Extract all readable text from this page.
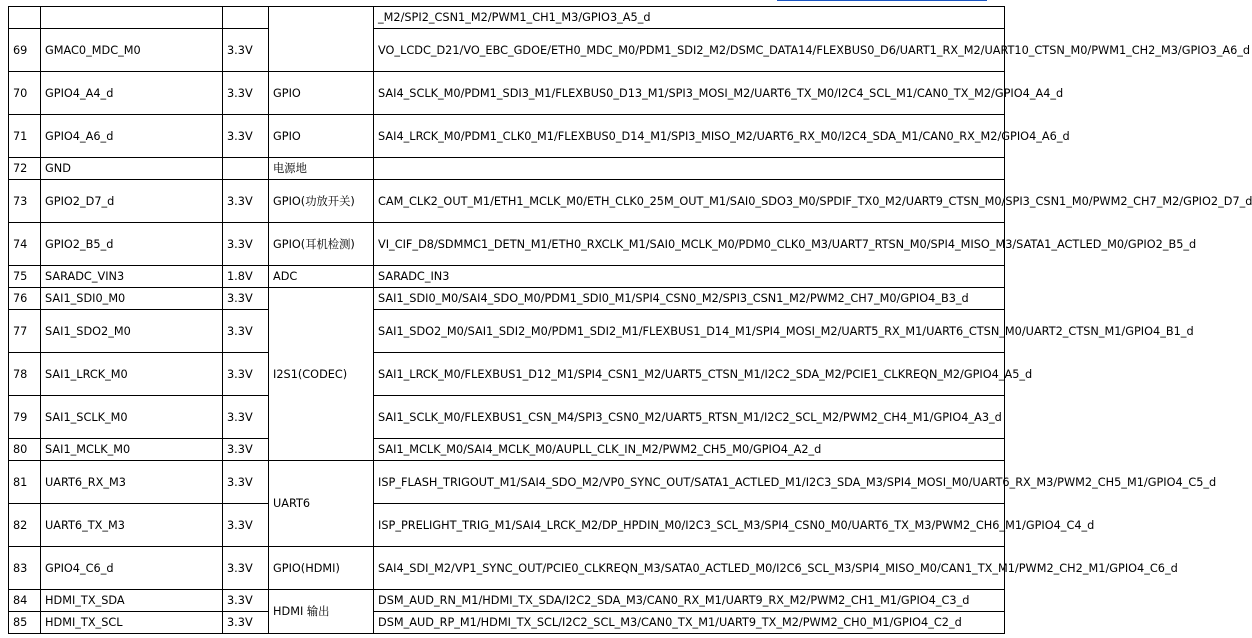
				_M2/SPI2_CSN1_M2/PWM1_CH1_M3/GPIO3_A5_d
69	GMAC0_MDC_M0	3.3V		VO_LCDC_D21/VO_EBC_GDOE/ETH0_MDC_M0/PDM1_SDI2_M2/DSMC_DATA14/FLEXBUS0_D6/UART1_RX_M2/UART10_CTSN_M0/PWM1_CH2_M3/GPIO3_A6_d
70	GPIO4_A4_d	3.3V	GPIO	SAI4_SCLK_M0/PDM1_SDI3_M1/FLEXBUS0_D13_M1/SPI3_MOSI_M2/UART6_TX_M0/I2C4_SCL_M1/CAN0_TX_M2/GPIO4_A4_d
71	GPIO4_A6_d	3.3V	GPIO	SAI4_LRCK_M0/PDM1_CLK0_M1/FLEXBUS0_D14_M1/SPI3_MISO_M2/UART6_RX_M0/I2C4_SDA_M1/CAN0_RX_M2/GPIO4_A6_d
72	GND		电源地	
73	GPIO2_D7_d	3.3V	GPIO(功放开关)	CAM_CLK2_OUT_M1/ETH1_MCLK_M0/ETH_CLK0_25M_OUT_M1/SAI0_SDO3_M0/SPDIF_TX0_M2/UART9_CTSN_M0/SPI3_CSN1_M0/PWM2_CH7_M2/GPIO2_D7_d
74	GPIO2_B5_d	3.3V	GPIO(耳机检测)	VI_CIF_D8/SDMMC1_DETN_M1/ETH0_RXCLK_M1/SAI0_MCLK_M0/PDM0_CLK0_M3/UART7_RTSN_M0/SPI4_MISO_M3/SATA1_ACTLED_M0/GPIO2_B5_d
75	SARADC_VIN3	1.8V	ADC	SARADC_IN3
76	SAI1_SDI0_M0	3.3V	I2S1(CODEC)	SAI1_SDI0_M0/SAI4_SDO_M0/PDM1_SDI0_M1/SPI4_CSN0_M2/SPI3_CSN1_M2/PWM2_CH7_M0/GPIO4_B3_d
77	SAI1_SDO2_M0	3.3V		SAI1_SDO2_M0/SAI1_SDI2_M0/PDM1_SDI2_M1/FLEXBUS1_D14_M1/SPI4_MOSI_M2/UART5_RX_M1/UART6_CTSN_M0/UART2_CTSN_M1/GPIO4_B1_d
78	SAI1_LRCK_M0	3.3V		SAI1_LRCK_M0/FLEXBUS1_D12_M1/SPI4_CSN1_M2/UART5_CTSN_M1/I2C2_SDA_M2/PCIE1_CLKREQN_M2/GPIO4_A5_d
79	SAI1_SCLK_M0	3.3V		SAI1_SCLK_M0/FLEXBUS1_CSN_M4/SPI3_CSN0_M2/UART5_RTSN_M1/I2C2_SCL_M2/PWM2_CH4_M1/GPIO4_A3_d
80	SAI1_MCLK_M0	3.3V		SAI1_MCLK_M0/SAI4_MCLK_M0/AUPLL_CLK_IN_M2/PWM2_CH5_M0/GPIO4_A2_d
81	UART6_RX_M3	3.3V	UART6	ISP_FLASH_TRIGOUT_M1/SAI4_SDO_M2/VP0_SYNC_OUT/SATA1_ACTLED_M1/I2C3_SDA_M3/SPI4_MOSI_M0/UART6_RX_M3/PWM2_CH5_M1/GPIO4_C5_d
82	UART6_TX_M3	3.3V		ISP_PRELIGHT_TRIG_M1/SAI4_LRCK_M2/DP_HPDIN_M0/I2C3_SCL_M3/SPI4_CSN0_M0/UART6_TX_M3/PWM2_CH6_M1/GPIO4_C4_d
83	GPIO4_C6_d	3.3V	GPIO(HDMI)	SAI4_SDI_M2/VP1_SYNC_OUT/PCIE0_CLKREQN_M3/SATA0_ACTLED_M0/I2C6_SCL_M3/SPI4_MISO_M0/CAN1_TX_M1/PWM2_CH2_M1/GPIO4_C6_d
84	HDMI_TX_SDA	3.3V	HDMI 输出	DSM_AUD_RN_M1/HDMI_TX_SDA/I2C2_SDA_M3/CAN0_RX_M1/UART9_RX_M2/PWM2_CH1_M1/GPIO4_C3_d
85	HDMI_TX_SCL	3.3V		DSM_AUD_RP_M1/HDMI_TX_SCL/I2C2_SCL_M3/CAN0_TX_M1/UART9_TX_M2/PWM2_CH0_M1/GPIO4_C2_d
